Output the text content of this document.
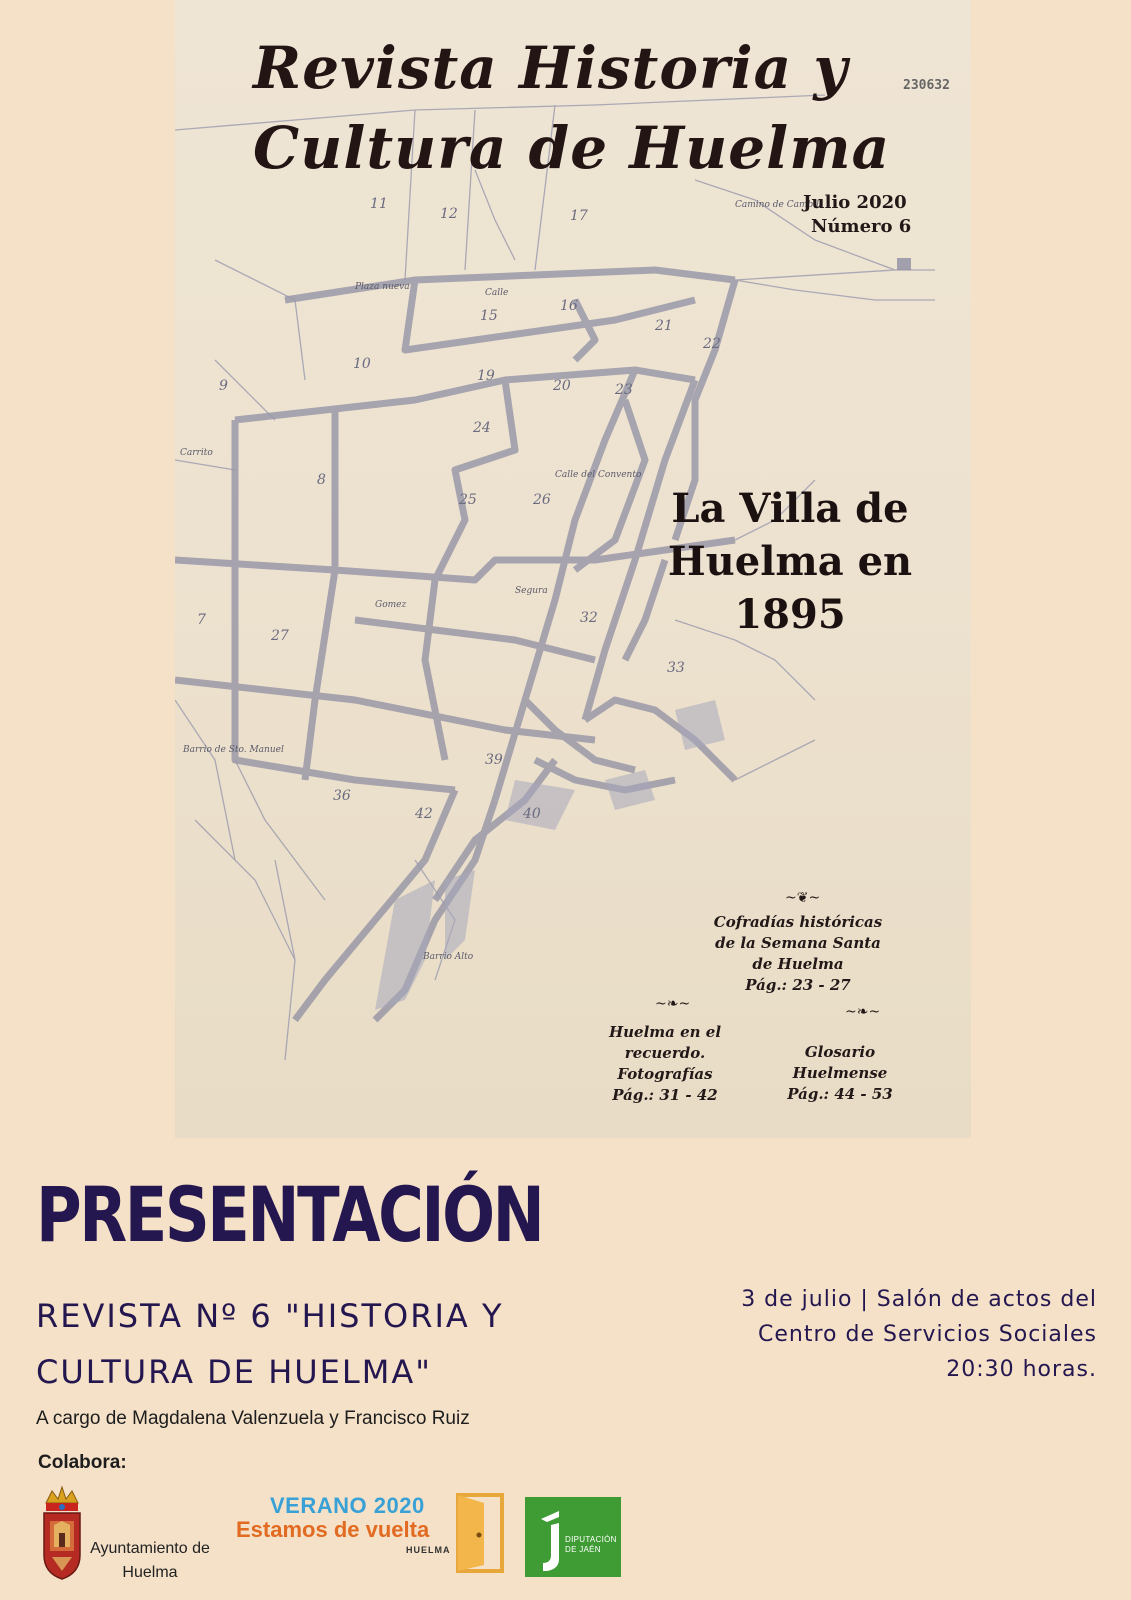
Plaza nueva
Calle
Barrio Alto
Camino de Cambil
Barrio de Sto. Manuel
Carrito
Gomez
Segura
Calle del Convento
11
12	17
15
16
21
22
19
20	23
24
25	26
27
32
33
36
39
40
42
10
9
8
7
Revista Historia y Cultura de Huelma
230632
Julio 2020
Número 6
La Villa de Huelma en 1895
~❦~
Cofradías históricas de la Semana Santa de Huelma
Pág.: 23 - 27
~❧~	~❧~
Huelma en el recuerdo. Fotografías
Pág.: 31 - 42
Glosario Huelmense
Pág.: 44 - 53
PRESENTACIÓN
REVISTA Nº 6 "HISTORIA Y CULTURA DE HUELMA"
3 de julio | Salón de actos del Centro de Servicios Sociales
20:30 horas.
A cargo de Magdalena Valenzuela y Francisco Ruiz
Colabora:
Ayuntamiento de Huelma
VERANO 2020
Estamos de vuelta
HUELMA
DIPUTACIÓN DE JAÉN
